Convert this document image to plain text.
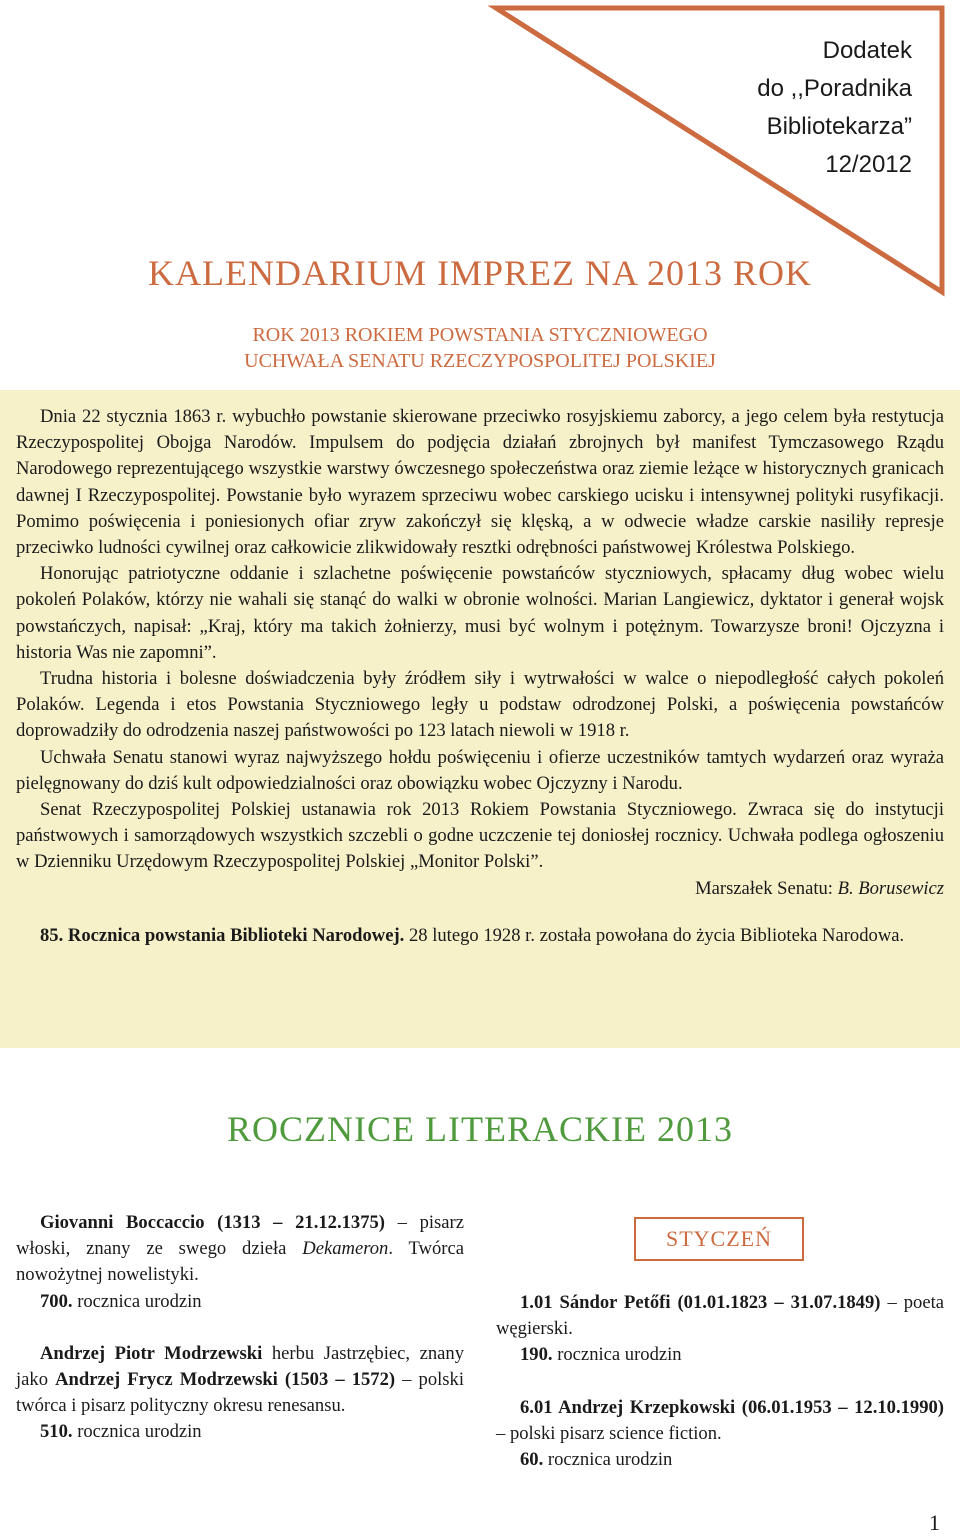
Dodatek
do ,,Poradnika
Bibliotekarza”
12/2012
KALENDARIUM IMPREZ NA 2013 ROK
ROK 2013 ROKIEM POWSTANIA STYCZNIOWEGO
UCHWAŁA SENATU RZECZYPOSPOLITEJ POLSKIEJ

Dnia 22 stycznia 1863 r. wybuchło powstanie skierowane przeciwko rosyjskiemu zaborcy, a jego celem była restytucja Rzeczypospolitej Obojga Narodów. Impulsem do podjęcia działań zbrojnych był manifest Tymczasowego Rządu Narodowego reprezentującego wszystkie warstwy ówczesnego społeczeństwa oraz ziemie leżące w historycznych granicach dawnej I Rzeczypospolitej. Powstanie było wyrazem sprzeciwu wobec carskiego ucisku i intensywnej polityki rusyfikacji. Pomimo poświęcenia i poniesionych ofiar zryw zakończył się klęską, a w odwecie władze carskie nasiliły represje przeciwko ludności cywilnej oraz całkowicie zlikwidowały resztki odrębności państwowej Królestwa Polskiego.

Honorując patriotyczne oddanie i szlachetne poświęcenie powstańców styczniowych, spłacamy dług wobec wielu pokoleń Polaków, którzy nie wahali się stanąć do walki w obronie wolności. Marian Langiewicz, dyktator i generał wojsk powstańczych, napisał: „Kraj, który ma takich żołnierzy, musi być wolnym i potężnym. Towarzysze broni! Ojczyzna i historia Was nie zapomni”.

Trudna historia i bolesne doświadczenia były źródłem siły i wytrwałości w walce o niepodległość całych pokoleń Polaków. Legenda i etos Powstania Styczniowego legły u podstaw odrodzonej Polski, a poświęcenia powstańców doprowadziły do odrodzenia naszej państwowości po 123 latach niewoli w 1918 r.

Uchwała Senatu stanowi wyraz najwyższego hołdu poświęceniu i ofierze uczestników tamtych wydarzeń oraz wyraża pielęgnowany do dziś kult odpowiedzialności oraz obowiązku wobec Ojczyzny i Narodu.

Senat Rzeczypospolitej Polskiej ustanawia rok 2013 Rokiem Powstania Styczniowego. Zwraca się do instytucji państwowych i samorządowych wszystkich szczebli o godne uczczenie tej doniosłej rocznicy. Uchwała podlega ogłoszeniu w Dzienniku Urzędowym Rzeczypospolitej Polskiej „Monitor Polski”.

Marszałek Senatu: B. Borusewicz

85. Rocznica powstania Biblioteki Narodowej. 28 lutego 1928 r. została powołana do życia Biblioteka Narodowa.

ROCZNICE LITERACKIE 2013

Giovanni Boccaccio (1313 – 21.12.1375) – pisarz włoski, znany ze swego dzieła Dekameron. Twórca nowożytnej nowelistyki.

700. rocznica urodzin

Andrzej Piotr Modrzewski herbu Jastrzębiec, znany jako Andrzej Frycz Modrzewski (1503 – 1572) – polski twórca i pisarz polityczny okresu renesansu.

510. rocznica urodzin

STYCZEŃ

1.01 Sándor Petőfi (01.01.1823 – 31.07.1849) – poeta węgierski.

190. rocznica urodzin

6.01 Andrzej Krzepkowski (06.01.1953 – 12.10.1990) – polski pisarz science fiction.

60. rocznica urodzin

1
